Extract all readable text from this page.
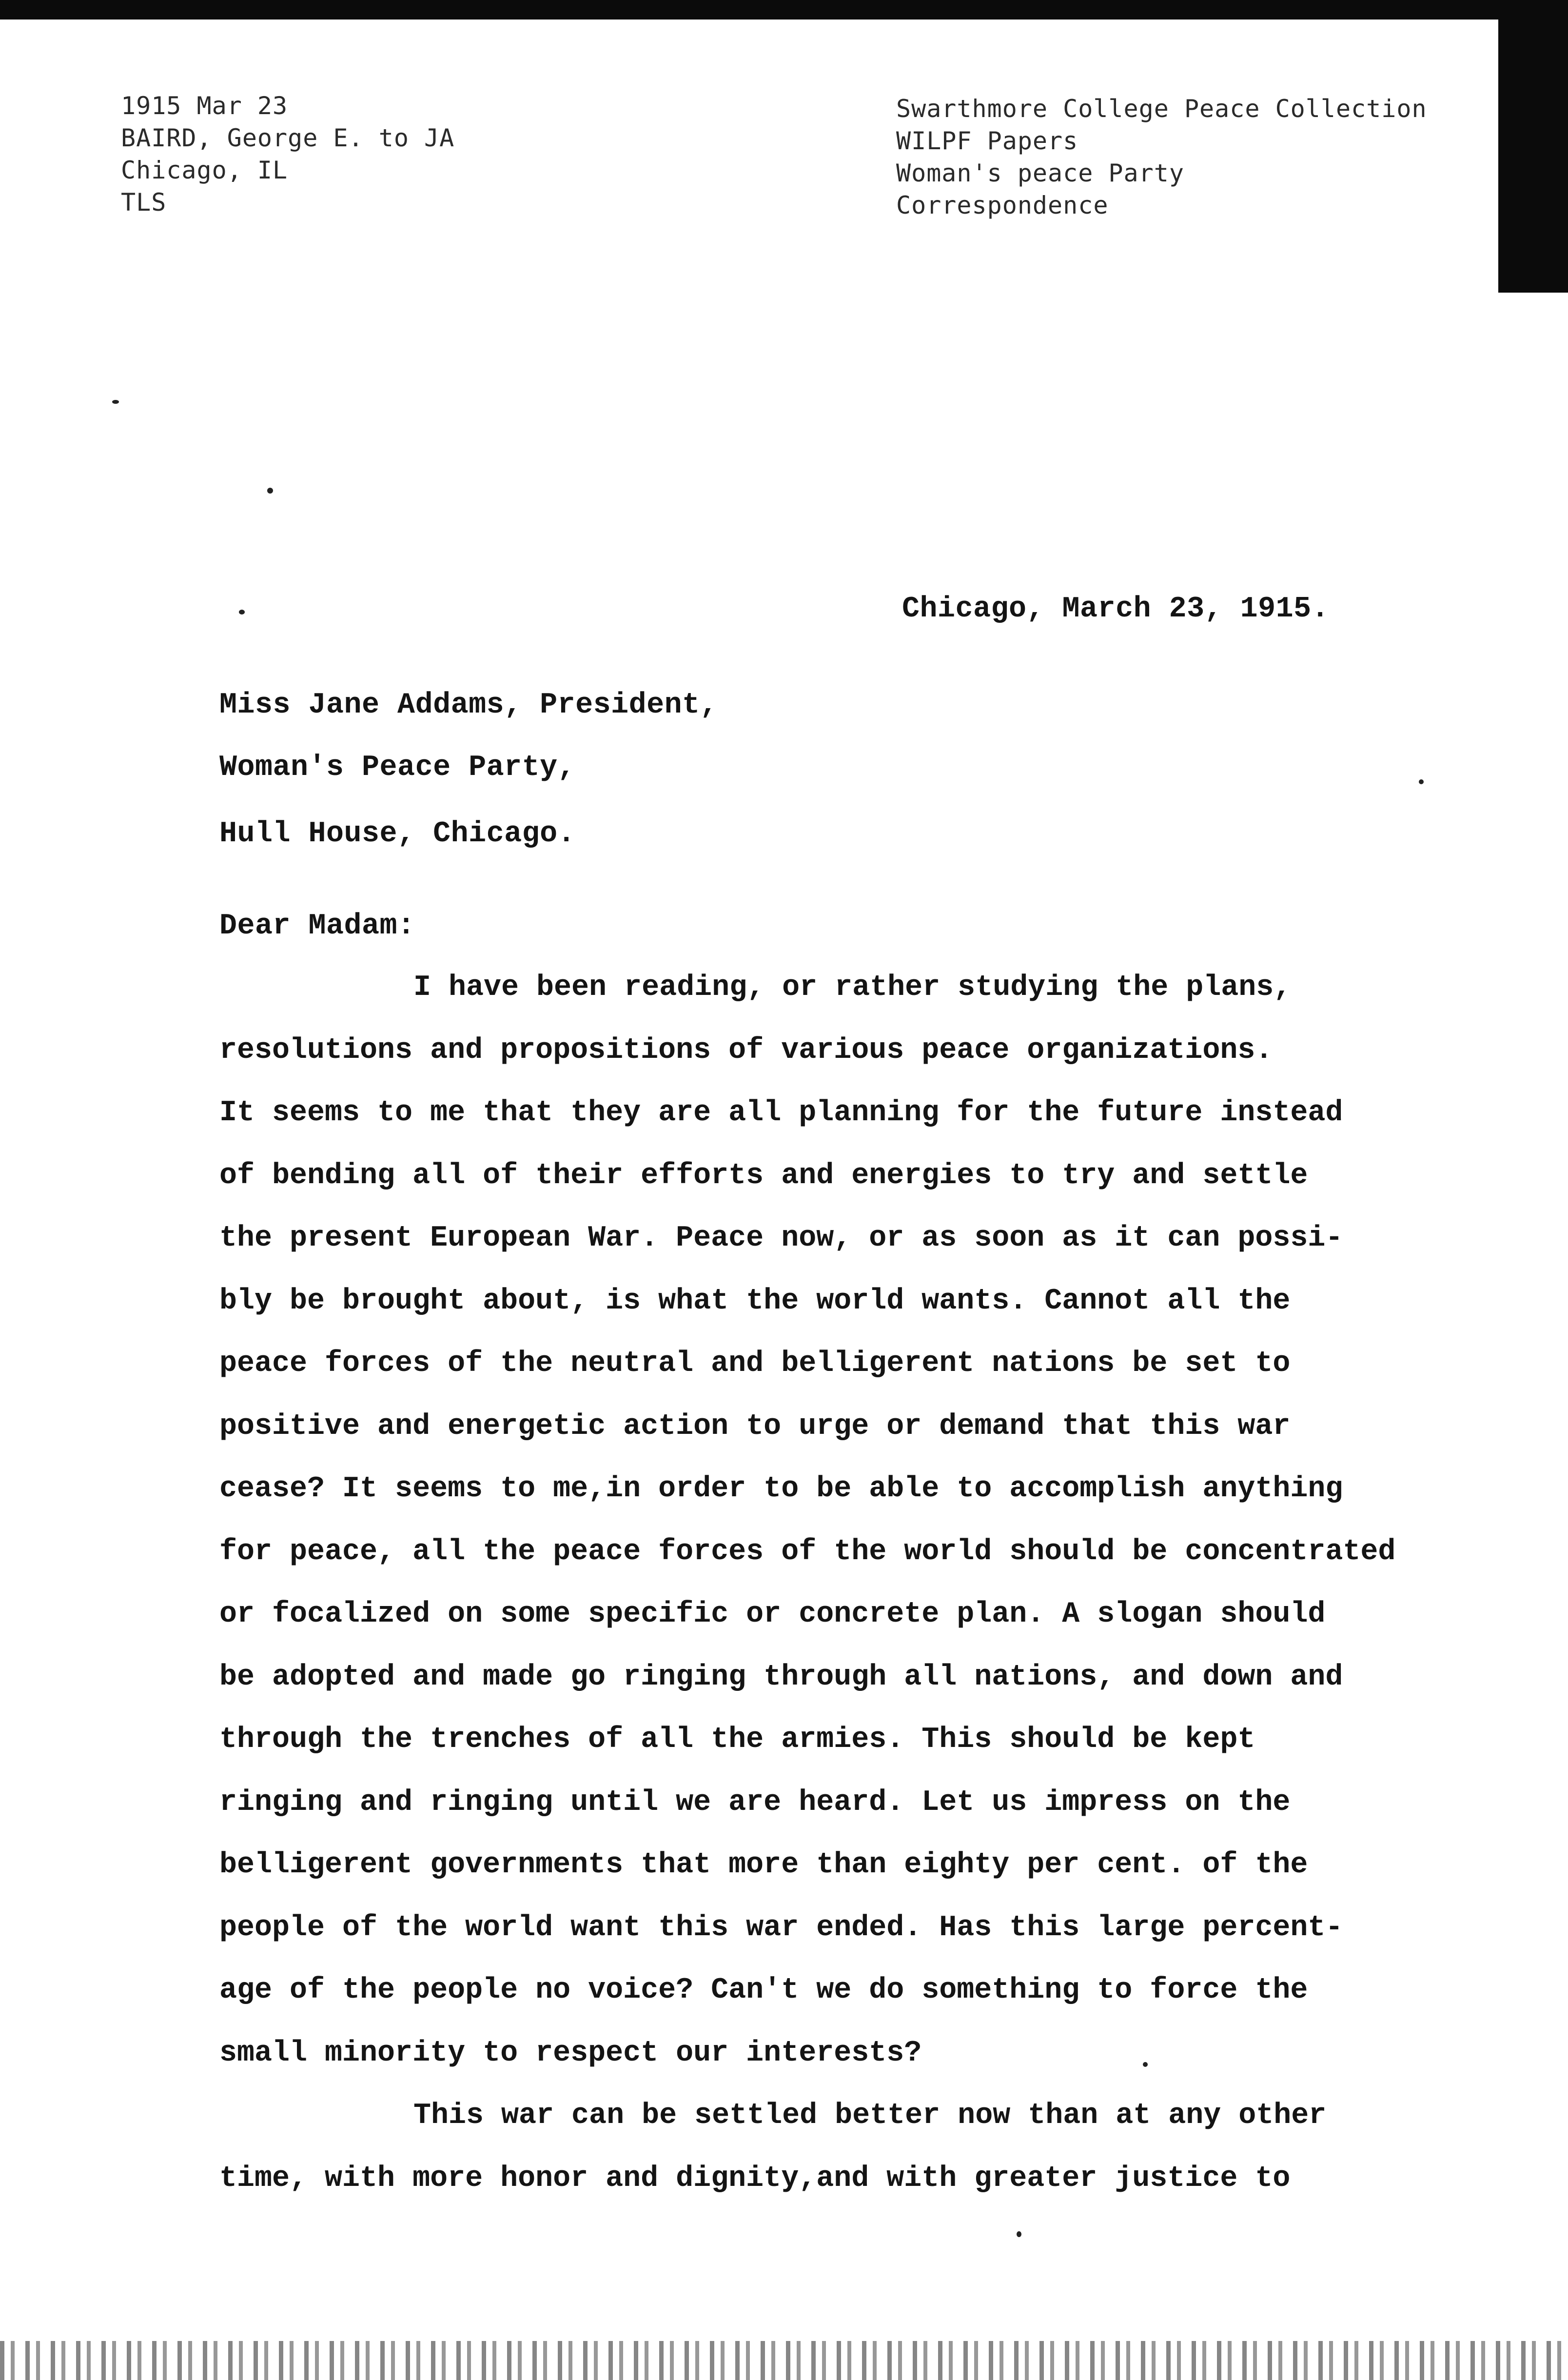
1915 Mar 23
BAIRD, George E. to JA
Chicago, IL
TLS
Swarthmore College Peace Collection
WILPF Papers
Woman's peace Party
Correspondence
Chicago, March 23, 1915.
Miss Jane Addams, President,
Woman's Peace Party,
Hull House, Chicago.
Dear Madam:
I have been reading, or rather studying the plans,
resolutions and propositions of various peace organizations.
It seems to me that they are all planning for the future instead
of bending all of their efforts and energies to try and settle
the present European War. Peace now, or as soon as it can possi-
bly be brought about, is what the world wants. Cannot all the
peace forces of the neutral and belligerent nations be set to
positive and energetic action to urge or demand that this war
cease? It seems to me,in order to be able to accomplish anything
for peace, all the peace forces of the world should be concentrated
or focalized on some specific or concrete plan. A slogan should
be adopted and made go ringing through all nations, and down and
through the trenches of all the armies. This should be kept
ringing and ringing until we are heard. Let us impress on the
belligerent governments that more than eighty per cent. of the
people of the world want this war ended. Has this large percent-
age of the people no voice? Can't we do something to force the
small minority to respect our interests?
This war can be settled better now than at any other
time, with more honor and dignity,and with greater justice to
